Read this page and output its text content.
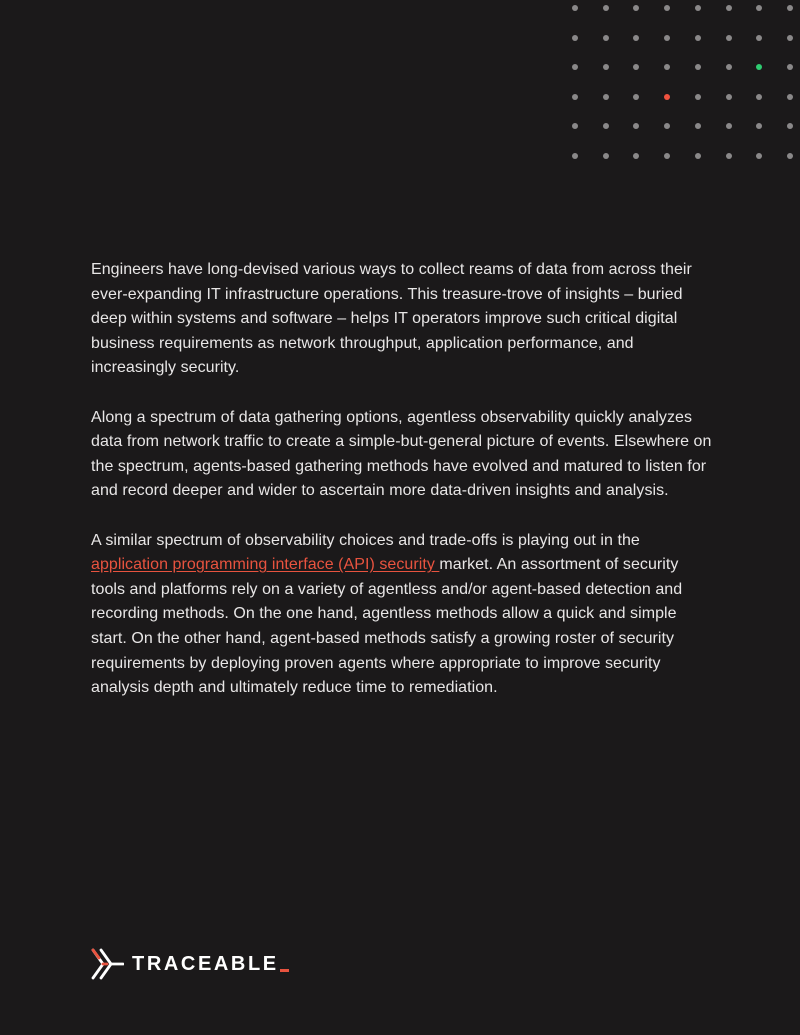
Engineers have long-devised various ways to collect reams of data from across their ever-expanding IT infrastructure operations. This treasure-trove of insights – buried deep within systems and software – helps IT operators improve such critical digital business requirements as network throughput, application performance, and increasingly security.

Along a spectrum of data gathering options, agentless observability quickly analyzes data from network traffic to create a simple-but-general picture of events. Elsewhere on the spectrum, agents-based gathering methods have evolved and matured to listen for and record deeper and wider to ascertain more data-driven insights and analysis.

A similar spectrum of observability choices and trade-offs is playing out in the application programming interface (API) security market. An assortment of security tools and platforms rely on a variety of agentless and/or agent-based detection and recording methods. On the one hand, agentless methods allow a quick and simple start. On the other hand, agent-based methods satisfy a growing roster of security requirements by deploying proven agents where appropriate to improve security analysis depth and ultimately reduce time to remediation.

TRACEABLE
